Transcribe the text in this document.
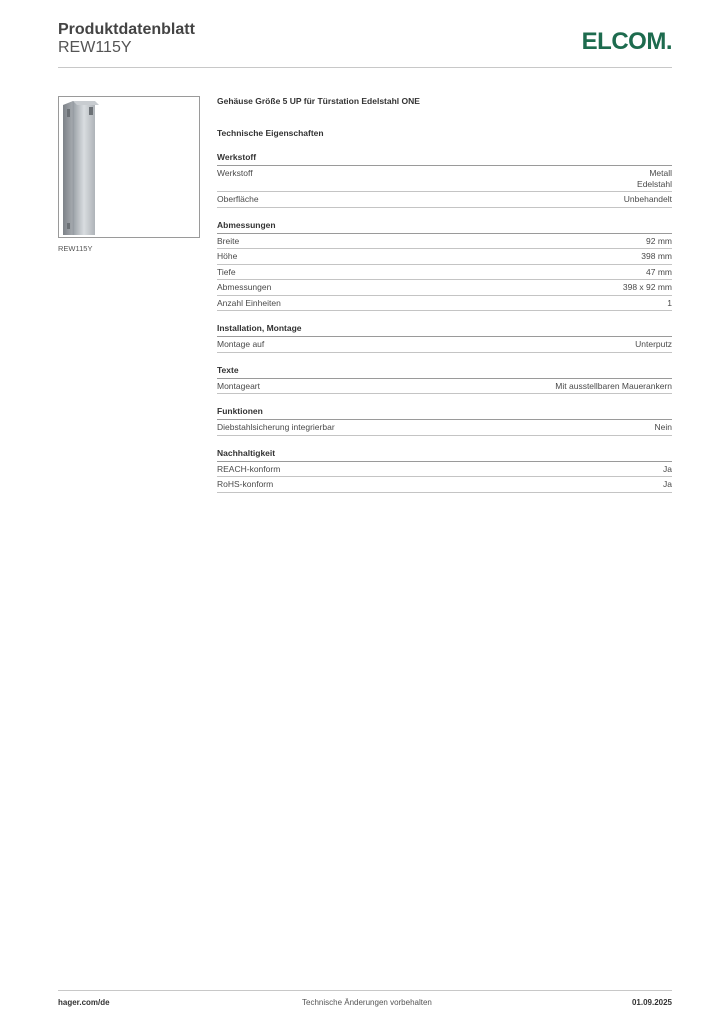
Produktdatenblatt
REW115Y	ELCOM.
REW115Y
Gehäuse Größe 5 UP für Türstation Edelstahl ONE
Technische Eigenschaften
Werkstoff
Werkstoff	Metall
Edelstahl
Oberfläche	Unbehandelt
Abmessungen
Breite	92 mm
Höhe	398 mm
Tiefe	47 mm
Abmessungen	398 x 92 mm
Anzahl Einheiten	1
Installation, Montage
Montage auf	Unterputz
Texte
Montageart	Mit ausstellbaren Mauerankern
Funktionen
Diebstahlsicherung integrierbar	Nein
Nachhaltigkeit
REACH-konform	Ja
RoHS-konform	Ja
hager.com/de	Technische Änderungen vorbehalten	01.09.2025
